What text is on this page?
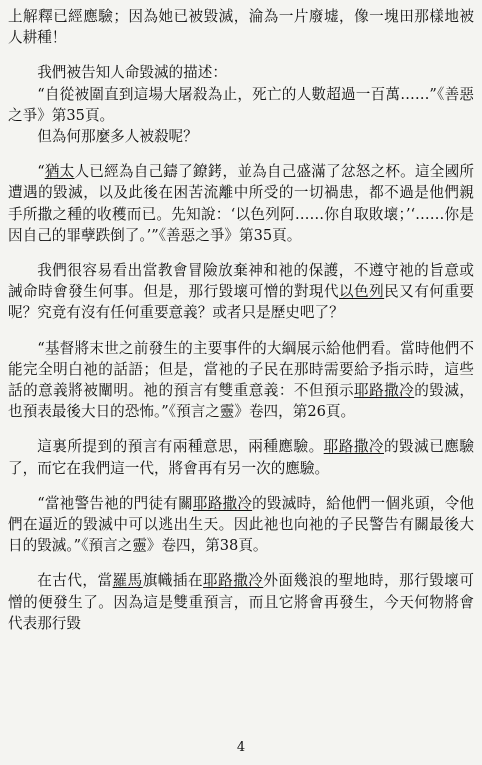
上解釋已經應驗；因為她已被毀滅，淪為一片廢墟，像一塊田那樣地被人耕種！

我們被告知人命毀滅的描述：

“自從被圍直到這場大屠殺為止，死亡的人數超過一百萬……”《善惡之爭》第35頁。

但為何那麼多人被殺呢？

“猶太人已經為自己鑄了鐐銬，並為自己盛滿了忿怒之杯。這全國所遭遇的毀滅，以及此後在困苦流離中所受的一切禍患，都不過是他們親手所撒之種的收穫而已。先知說：‘以色列阿……你自取敗壞；’‘……你是因自己的罪孽跌倒了。’”《善惡之爭》第35頁。

我們很容易看出當教會冒險放棄神和祂的保護，不遵守祂的旨意或誡命時會發生何事。但是，那行毀壞可憎的對現代以色列民又有何重要呢？究竟有沒有任何重要意義？或者只是歷史吧了？

“基督將末世之前發生的主要事件的大綱展示給他們看。當時他們不能完全明白祂的話語；但是，當祂的子民在那時需要給予指示時，這些話的意義將被闡明。祂的預言有雙重意義：不但預示耶路撒冷的毀滅，也預表最後大日的恐怖。”《預言之靈》卷四，第26頁。

這裏所提到的預言有兩種意思，兩種應驗。耶路撒冷的毀滅已應驗了，而它在我們這一代，將會再有另一次的應驗。

“當祂警告祂的門徒有關耶路撒冷的毀滅時，給他們一個兆頭，令他們在逼近的毀滅中可以逃出生天。因此祂也向祂的子民警告有關最後大日的毀滅。”《預言之靈》卷四，第38頁。

在古代，當羅馬旗幟插在耶路撒冷外面幾浪的聖地時，那行毀壞可憎的便發生了。因為這是雙重預言，而且它將會再發生，今天何物將會代表那行毀

4
